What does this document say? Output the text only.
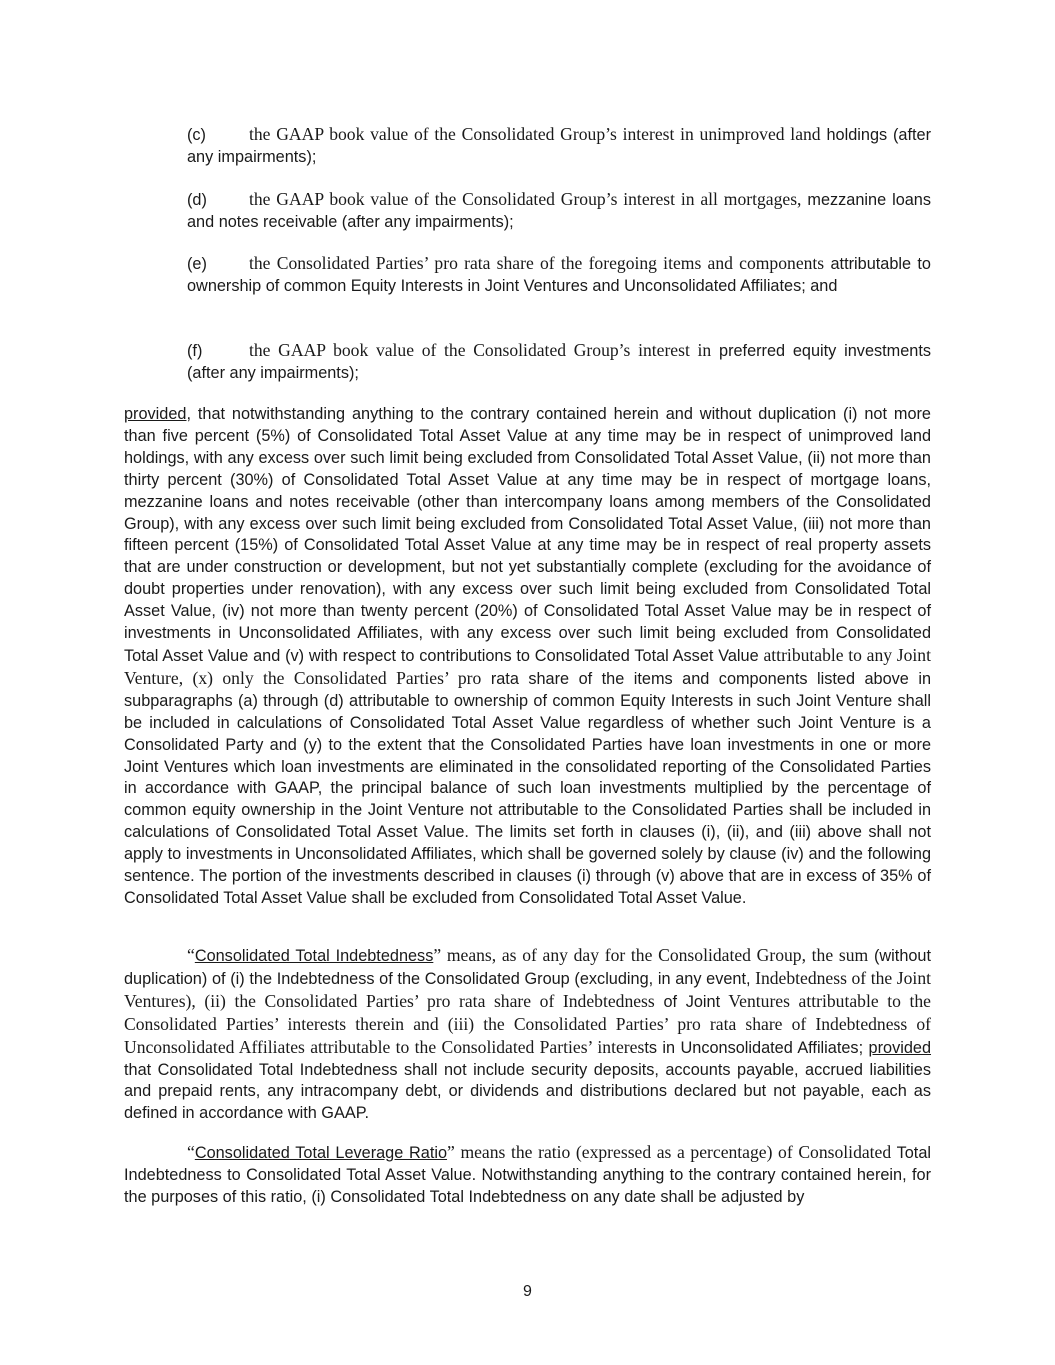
(c) the GAAP book value of the Consolidated Group’s interest in unimproved land holdings (after any impairments);

(d) the GAAP book value of the Consolidated Group’s interest in all mortgages, mezzanine loans and notes receivable (after any impairments);

(e) the Consolidated Parties’ pro rata share of the foregoing items and components attributable to ownership of common Equity Interests in Joint Ventures and Unconsolidated Affiliates; and

(f)	the GAAP book value of the Consolidated Group’s interest in preferred equity investments (after any impairments);

provided, that notwithstanding anything to the contrary contained herein and without duplication (i) not more than five percent (5%) of Consolidated Total Asset Value at any time may be in respect of unimproved land holdings, with any excess over such limit being excluded from Consolidated Total Asset Value, (ii) not more than thirty percent (30%) of Consolidated Total Asset Value at any time may be in respect of mortgage loans, mezzanine loans and notes receivable (other than intercompany loans among members of the Consolidated Group), with any excess over such limit being excluded from Consolidated Total Asset Value, (iii) not more than fifteen percent (15%) of Consolidated Total Asset Value at any time may be in respect of real property assets that are under construction or development, but not yet substantially complete (excluding for the avoidance of doubt properties under renovation), with any excess over such limit being excluded from Consolidated Total Asset Value, (iv) not more than twenty percent (20%) of Consolidated Total Asset Value may be in respect of investments in Unconsolidated Affiliates, with any excess over such limit being excluded from Consolidated Total Asset Value and (v) with respect to contributions to Consolidated Total Asset Value attributable to any Joint Venture, (x) only the Consolidated Parties’ pro rata share of the items and components listed above in subparagraphs (a) through (d) attributable to ownership of common Equity Interests in such Joint Venture shall be included in calculations of Consolidated Total Asset Value regardless of whether such Joint Venture is a Consolidated Party and (y) to the extent that the Consolidated Parties have loan investments in one or more Joint Ventures which loan investments are eliminated in the consolidated reporting of the Consolidated Parties in accordance with GAAP, the principal balance of such loan investments multiplied by the percentage of common equity ownership in the Joint Venture not attributable to the Consolidated Parties shall be included in calculations of Consolidated Total Asset Value. The limits set forth in clauses (i), (ii), and (iii) above shall not apply to investments in Unconsolidated Affiliates, which shall be governed solely by clause (iv) and the following sentence. The portion of the investments described in clauses (i) through (v) above that are in excess of 35% of Consolidated Total Asset Value shall be excluded from Consolidated Total Asset Value.

“Consolidated Total Indebtedness” means, as of any day for the Consolidated Group, the sum (without duplication) of (i) the Indebtedness of the Consolidated Group (excluding, in any event, Indebtedness of the Joint Ventures), (ii) the Consolidated Parties’ pro rata share of Indebtedness of Joint Ventures attributable to the Consolidated Parties’ interests therein and (iii) the Consolidated Parties’ pro rata share of Indebtedness of Unconsolidated Affiliates attributable to the Consolidated Parties’ interests in Unconsolidated Affiliates; provided that Consolidated Total Indebtedness shall not include security deposits, accounts payable, accrued liabilities and prepaid rents, any intracompany debt, or dividends and distributions declared but not payable, each as defined in accordance with GAAP.

“Consolidated Total Leverage Ratio” means the ratio (expressed as a percentage) of Consolidated Total Indebtedness to Consolidated Total Asset Value. Notwithstanding anything to the contrary contained herein, for the purposes of this ratio, (i) Consolidated Total Indebtedness on any date shall be adjusted by

9
